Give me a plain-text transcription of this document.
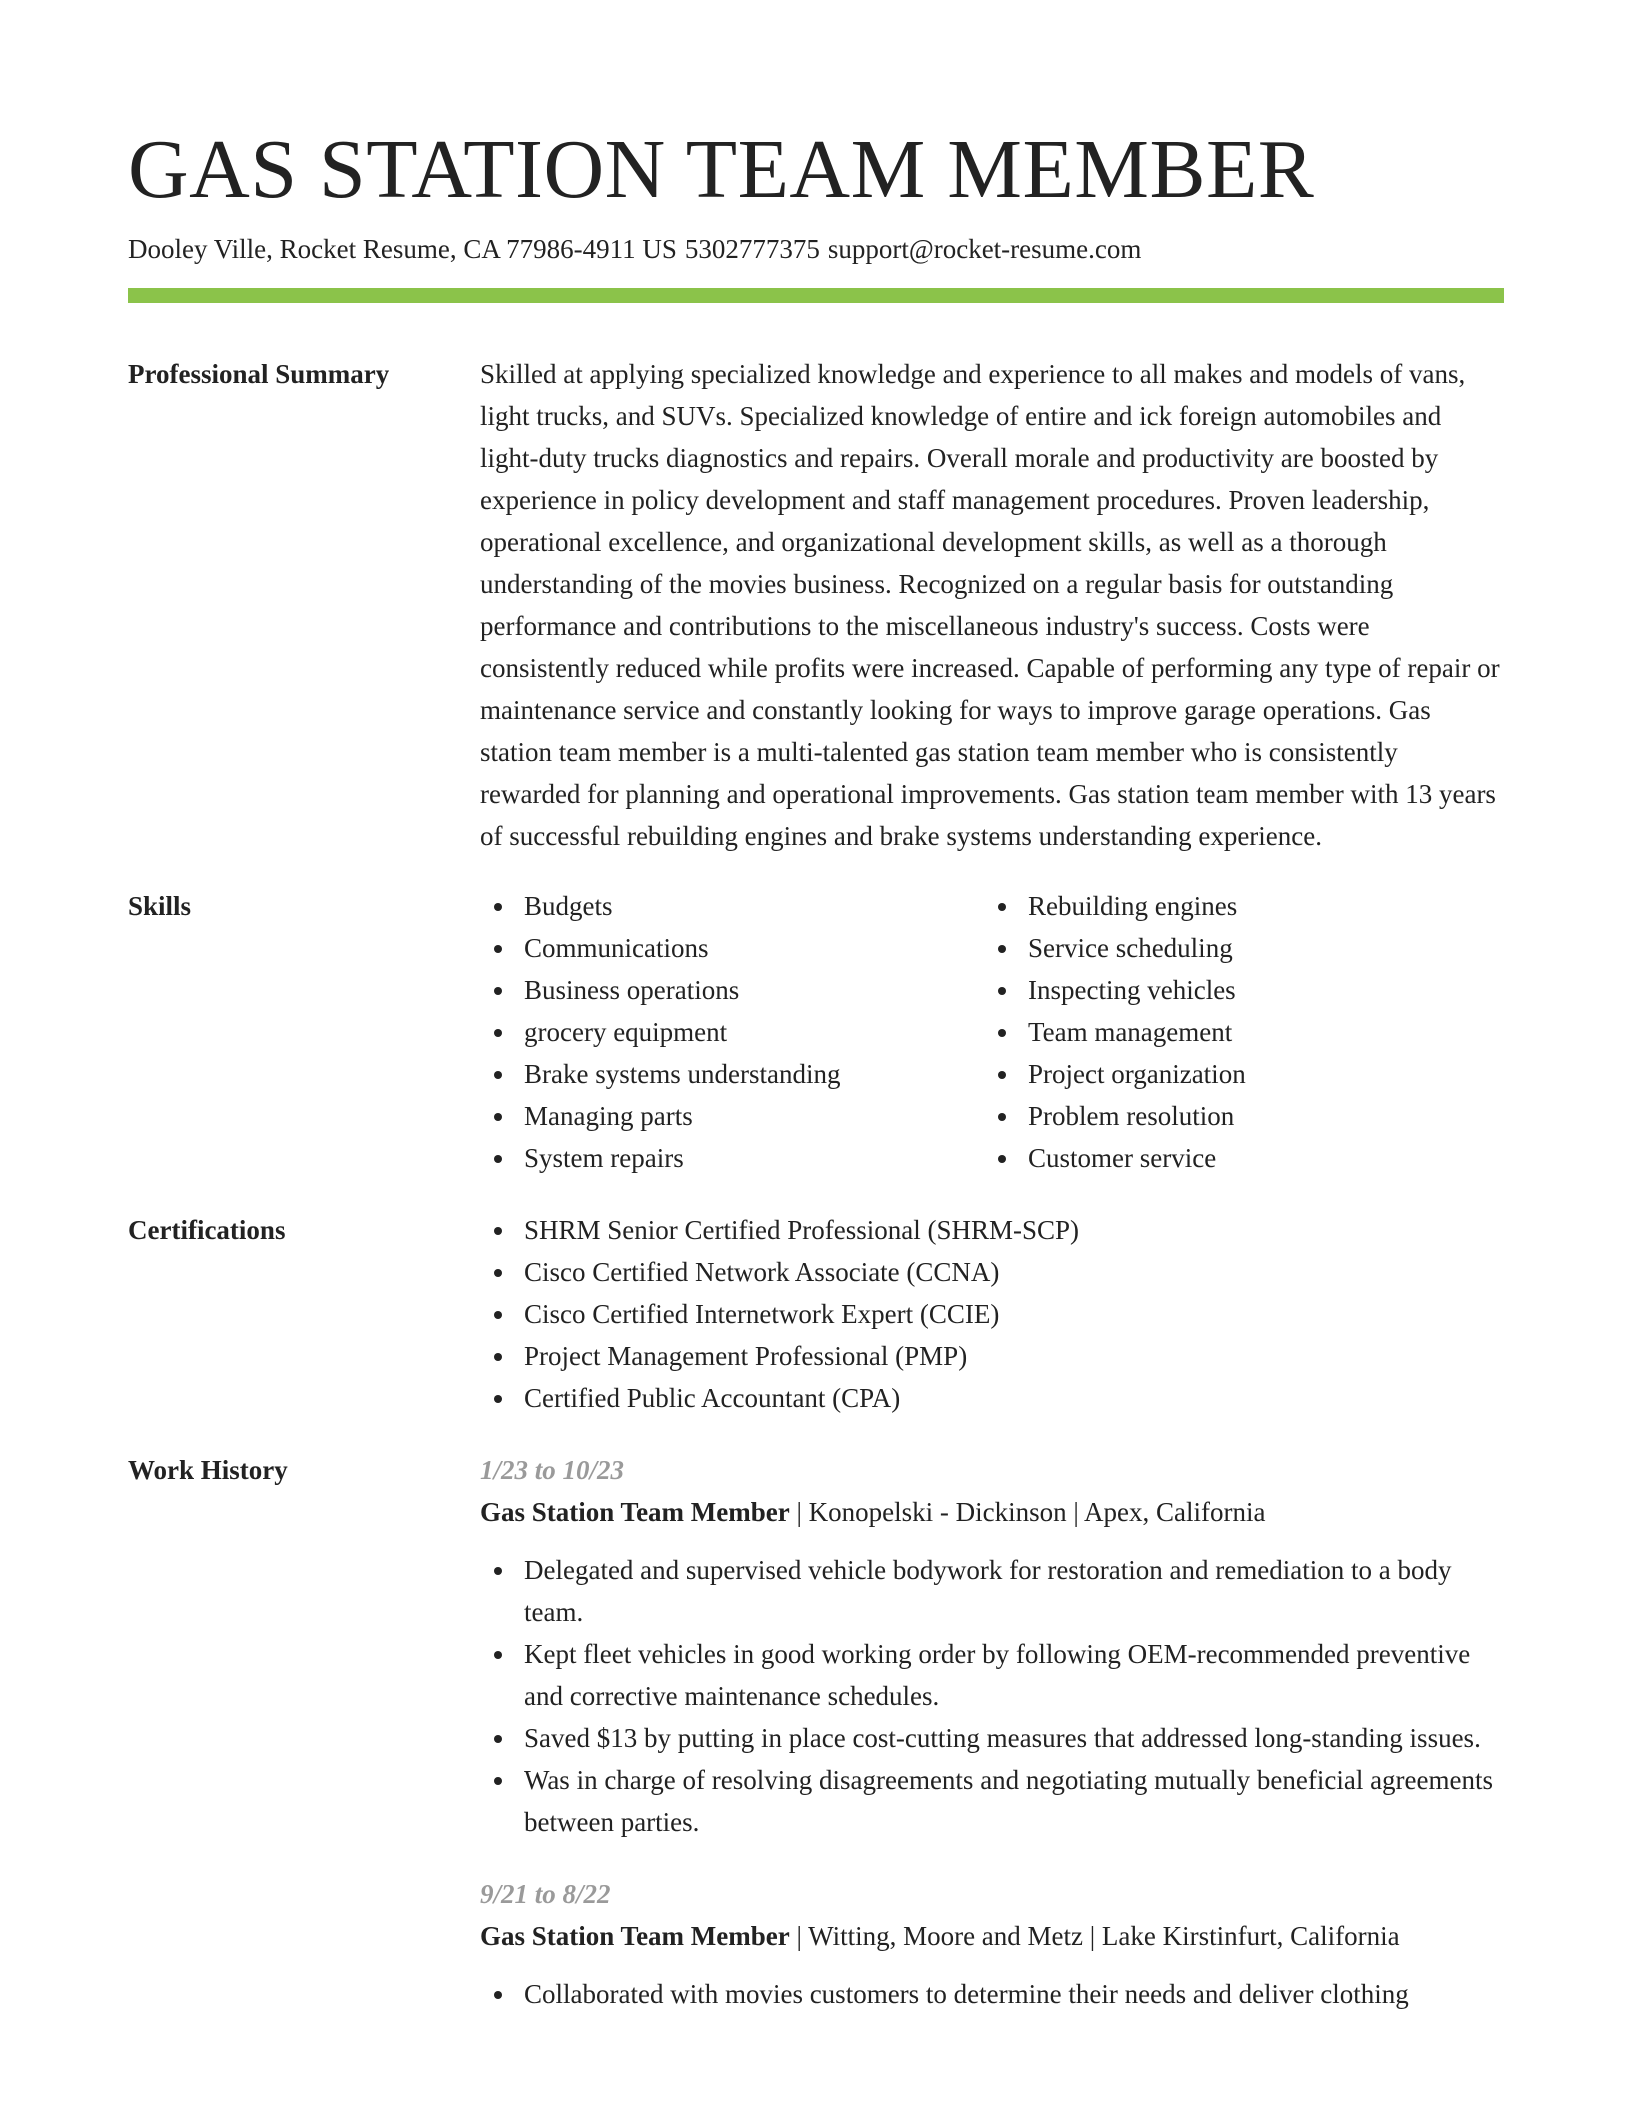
GAS STATION TEAM MEMBER
Dooley Ville, Rocket Resume, CA 77986-4911 US 5302777375 support@rocket-resume.com
Professional Summary	Skilled at applying specialized knowledge and experience to all makes and models of vans, light trucks, and SUVs. Specialized knowledge of entire and ick foreign automobiles and light-duty trucks diagnostics and repairs. Overall morale and productivity are boosted by experience in policy development and staff management procedures. Proven leadership, operational excellence, and organizational development skills, as well as a thorough understanding of the movies business. Recognized on a regular basis for outstanding performance and contributions to the miscellaneous industry's success. Costs were consistently reduced while profits were increased. Capable of performing any type of repair or maintenance service and constantly looking for ways to improve garage operations. Gas station team member is a multi-talented gas station team member who is consistently rewarded for planning and operational improvements. Gas station team member with 13 years of successful rebuilding engines and brake systems understanding experience.
Skills	Budgets
Communications
Business operations
grocery equipment
Brake systems understanding
Managing parts
System repairs
Rebuilding engines
Service scheduling
Inspecting vehicles
Team management
Project organization
Problem resolution
Customer service
Certifications	SHRM Senior Certified Professional (SHRM-SCP)
Cisco Certified Network Associate (CCNA)
Cisco Certified Internetwork Expert (CCIE)
Project Management Professional (PMP)
Certified Public Accountant (CPA)
Work History	1/23 to 10/23
Gas Station Team Member | Konopelski - Dickinson | Apex, California
Delegated and supervised vehicle bodywork for restoration and remediation to a body team.
Kept fleet vehicles in good working order by following OEM-recommended preventive and corrective maintenance schedules.
Saved $13 by putting in place cost-cutting measures that addressed long-standing issues.
Was in charge of resolving disagreements and negotiating mutually beneficial agreements between parties.
9/21 to 8/22
Gas Station Team Member | Witting, Moore and Metz | Lake Kirstinfurt, California
Collaborated with movies customers to determine their needs and deliver clothing
